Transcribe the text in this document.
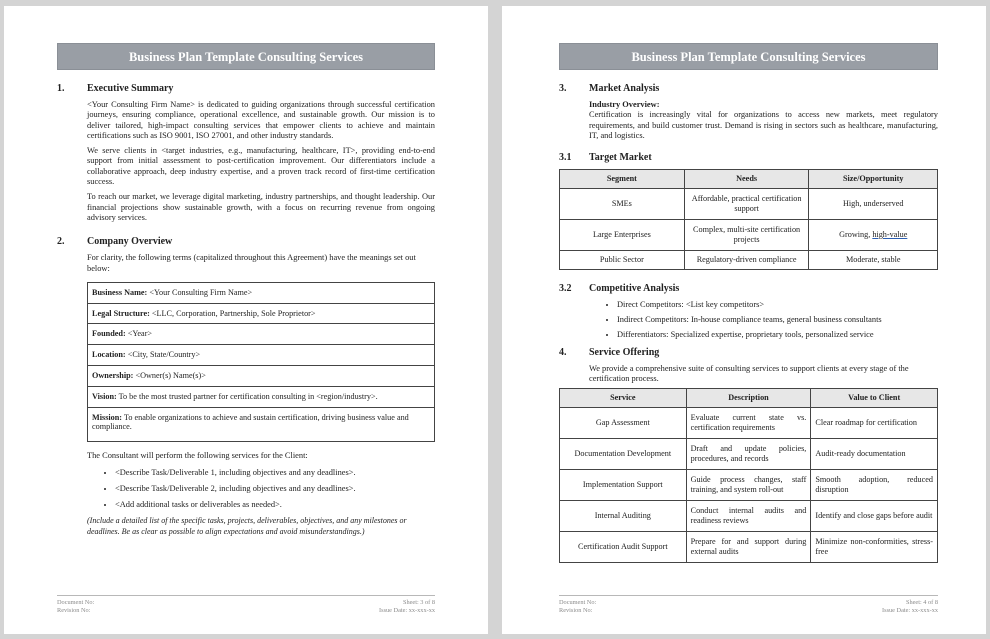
Business Plan Template Consulting Services
1.	Executive Summary

<Your Consulting Firm Name> is dedicated to guiding organizations through successful certification journeys, ensuring compliance, operational excellence, and sustainable growth. Our mission is to deliver tailored, high-impact consulting services that empower clients to achieve and maintain certifications such as ISO 9001, ISO 27001, and other industry standards.

We serve clients in <target industries, e.g., manufacturing, healthcare, IT>, providing end-to-end support from initial assessment to post-certification improvement. Our differentiators include a collaborative approach, deep industry expertise, and a proven track record of first-time certification success.

To reach our market, we leverage digital marketing, industry partnerships, and thought leadership. Our financial projections show sustainable growth, with a focus on recurring revenue from ongoing advisory services.

2.	Company Overview

For clarity, the following terms (capitalized throughout this Agreement) have the meanings set out below:

Business Name: <Your Consulting Firm Name>
Legal Structure: <LLC, Corporation, Partnership, Sole Proprietor>
Founded: <Year>
Location: <City, State/Country>
Ownership: <Owner(s) Name(s)>
Vision: To be the most trusted partner for certification consulting in <region/industry>.
Mission: To enable organizations to achieve and sustain certification, driving business value and compliance.

The Consultant will perform the following services for the Client:

• <Describe Task/Deliverable 1, including objectives and any deadlines>.
• <Describe Task/Deliverable 2, including objectives and any deadlines>.
• <Add additional tasks or deliverables as needed>.

(Include a detailed list of the specific tasks, projects, deliverables, objectives, and any milestones or deadlines. Be as clear as possible to align expectations and avoid misunderstandings.)

Document No:	Sheet: 3 of 8
Revision No:	Issue Date: xx-xxx-xx
Business Plan Template Consulting Services
3.	Market Analysis
Industry Overview:

Certification is increasingly vital for organizations to access new markets, meet regulatory requirements, and build customer trust. Demand is rising in sectors such as healthcare, manufacturing, IT, and logistics.

3.1	Target Market
Segment	Needs	Size/Opportunity
SMEs	Affordable, practical certification support	High, underserved
Large Enterprises	Complex, multi-site certification projects	Growing, high-value
Public Sector	Regulatory-driven compliance	Moderate, stable
3.2	Competitive Analysis
• Direct Competitors: <List key competitors>
• Indirect Competitors: In-house compliance teams, general business consultants
• Differentiators: Specialized expertise, proprietary tools, personalized service
4.	Service Offering

We provide a comprehensive suite of consulting services to support clients at every stage of the certification process.

Service	Description	Value to Client
Gap Assessment	Evaluate current state vs. certification requirements	Clear roadmap for certification
Documentation Development	Draft and update policies, procedures, and records	Audit-ready documentation
Implementation Support	Guide process changes, staff training, and system roll-out	Smooth adoption, reduced disruption
Internal Auditing	Conduct internal audits and readiness reviews	Identify and close gaps before audit
Certification Audit Support	Prepare for and support during external audits	Minimize non-conformities, stress-free
Document No:	Sheet: 4 of 8
Revision No:	Issue Date: xx-xxx-xx
